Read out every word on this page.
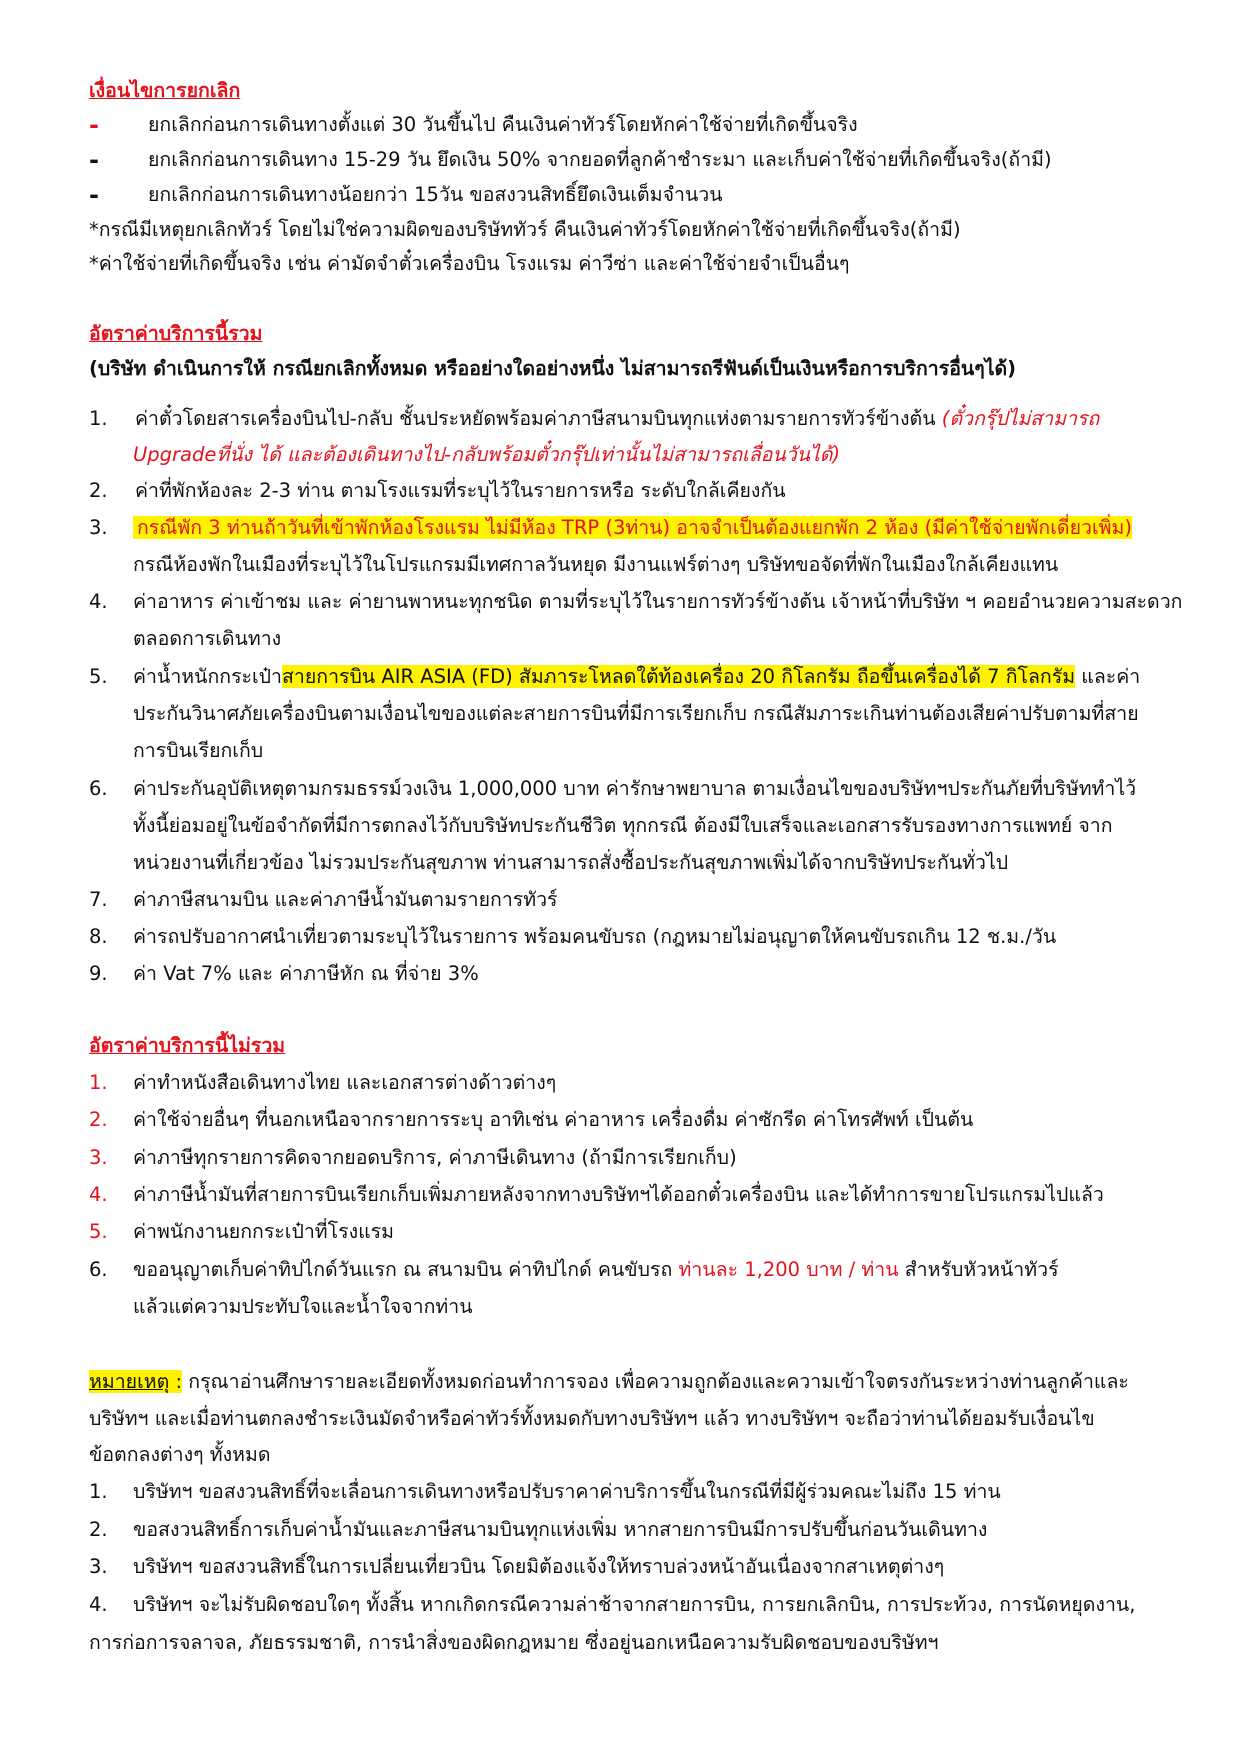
เงื่อนไขการยกเลิก
-	ยกเลิกก่อนการเดินทางตั้งแต่ 30 วันขึ้นไป คืนเงินค่าทัวร์โดยหักค่าใช้จ่ายที่เกิดขึ้นจริง
-	ยกเลิกก่อนการเดินทาง 15-29 วัน ยึดเงิน 50% จากยอดที่ลูกค้าชำระมา และเก็บค่าใช้จ่ายที่เกิดขึ้นจริง(ถ้ามี)
-	ยกเลิกก่อนการเดินทางน้อยกว่า 15วัน ขอสงวนสิทธิ์ยึดเงินเต็มจำนวน
*กรณีมีเหตุยกเลิกทัวร์ โดยไม่ใช่ความผิดของบริษัททัวร์ คืนเงินค่าทัวร์โดยหักค่าใช้จ่ายที่เกิดขึ้นจริง(ถ้ามี)
*ค่าใช้จ่ายที่เกิดขึ้นจริง เช่น ค่ามัดจำตั๋วเครื่องบิน โรงแรม ค่าวีซ่า และค่าใช้จ่ายจำเป็นอื่นๆ
อัตราค่าบริการนี้รวม
(บริษัท ดำเนินการให้ กรณียกเลิกทั้งหมด หรืออย่างใดอย่างหนึ่ง ไม่สามารถรีฟันด์เป็นเงินหรือการบริการอื่นๆได้)
1. ค่าตั๋วโดยสารเครื่องบินไป-กลับ ชั้นประหยัดพร้อมค่าภาษีสนามบินทุกแห่งตามรายการทัวร์ข้างต้น (ตั๋วกรุ๊ปไม่สามารถ
Upgradeที่นั่ง ได้ และต้องเดินทางไป-กลับพร้อมตั๋วกรุ๊ปเท่านั้นไม่สามารถเลื่อนวันได้)
2. ค่าที่พักห้องละ 2-3 ท่าน ตามโรงแรมที่ระบุไว้ในรายการหรือ ระดับใกล้เคียงกัน
3. กรณีพัก 3 ท่านถ้าวันที่เข้าพักห้องโรงแรม ไม่มีห้อง TRP (3ท่าน) อาจจำเป็นต้องแยกพัก 2 ห้อง (มีค่าใช้จ่ายพักเดี่ยวเพิ่ม)
กรณีห้องพักในเมืองที่ระบุไว้ในโปรแกรมมีเทศกาลวันหยุด มีงานแฟร์ต่างๆ บริษัทขอจัดที่พักในเมืองใกล้เคียงแทน
4. ค่าอาหาร ค่าเข้าชม และ ค่ายานพาหนะทุกชนิด ตามที่ระบุไว้ในรายการทัวร์ข้างต้น เจ้าหน้าที่บริษัท ฯ คอยอำนวยความสะดวก
ตลอดการเดินทาง
5. ค่าน้ำหนักกระเป๋าสายการบิน AIR ASIA (FD) สัมภาระโหลดใต้ท้องเครื่อง 20 กิโลกรัม ถือขึ้นเครื่องได้ 7 กิโลกรัม และค่า
ประกันวินาศภัยเครื่องบินตามเงื่อนไขของแต่ละสายการบินที่มีการเรียกเก็บ กรณีสัมภาระเกินท่านต้องเสียค่าปรับตามที่สาย
การบินเรียกเก็บ
6. ค่าประกันอุบัติเหตุตามกรมธรรม์วงเงิน 1,000,000 บาท ค่ารักษาพยาบาล ตามเงื่อนไขของบริษัทฯประกันภัยที่บริษัททำไว้
ทั้งนี้ย่อมอยู่ในข้อจำกัดที่มีการตกลงไว้กับบริษัทประกันชีวิต ทุกกรณี ต้องมีใบเสร็จและเอกสารรับรองทางการแพทย์ จาก
หน่วยงานที่เกี่ยวข้อง ไม่รวมประกันสุขภาพ ท่านสามารถสั่งซื้อประกันสุขภาพเพิ่มได้จากบริษัทประกันทั่วไป
7. ค่าภาษีสนามบิน และค่าภาษีน้ำมันตามรายการทัวร์
8. ค่ารถปรับอากาศนำเที่ยวตามระบุไว้ในรายการ พร้อมคนขับรถ (กฎหมายไม่อนุญาตให้คนขับรถเกิน 12 ช.ม./วัน
9. ค่า Vat 7% และ ค่าภาษีหัก ณ ที่จ่าย 3%
อัตราค่าบริการนี้ไม่รวม
1. ค่าทำหนังสือเดินทางไทย และเอกสารต่างด้าวต่างๆ
2. ค่าใช้จ่ายอื่นๆ ที่นอกเหนือจากรายการระบุ อาทิเช่น ค่าอาหาร เครื่องดื่ม ค่าซักรีด ค่าโทรศัพท์ เป็นต้น
3. ค่าภาษีทุกรายการคิดจากยอดบริการ, ค่าภาษีเดินทาง (ถ้ามีการเรียกเก็บ)
4. ค่าภาษีน้ำมันที่สายการบินเรียกเก็บเพิ่มภายหลังจากทางบริษัทฯได้ออกตั๋วเครื่องบิน และได้ทำการขายโปรแกรมไปแล้ว
5. ค่าพนักงานยกกระเป๋าที่โรงแรม
6. ขออนุญาตเก็บค่าทิปไกด์วันแรก ณ สนามบิน ค่าทิปไกด์ คนขับรถ ท่านละ 1,200 บาท / ท่าน สำหรับหัวหน้าทัวร์
แล้วแต่ความประทับใจและน้ำใจจากท่าน
หมายเหตุ : กรุณาอ่านศึกษารายละเอียดทั้งหมดก่อนทำการจอง เพื่อความถูกต้องและความเข้าใจตรงกันระหว่างท่านลูกค้าและ
บริษัทฯ และเมื่อท่านตกลงชำระเงินมัดจำหรือค่าทัวร์ทั้งหมดกับทางบริษัทฯ แล้ว ทางบริษัทฯ จะถือว่าท่านได้ยอมรับเงื่อนไข
ข้อตกลงต่างๆ ทั้งหมด
1. บริษัทฯ ขอสงวนสิทธิ์ที่จะเลื่อนการเดินทางหรือปรับราคาค่าบริการขึ้นในกรณีที่มีผู้ร่วมคณะไม่ถึง 15 ท่าน
2. ขอสงวนสิทธิ์การเก็บค่าน้ำมันและภาษีสนามบินทุกแห่งเพิ่ม หากสายการบินมีการปรับขึ้นก่อนวันเดินทาง
3. บริษัทฯ ขอสงวนสิทธิ์ในการเปลี่ยนเที่ยวบิน โดยมิต้องแจ้งให้ทราบล่วงหน้าอันเนื่องจากสาเหตุต่างๆ
4. บริษัทฯ จะไม่รับผิดชอบใดๆ ทั้งสิ้น หากเกิดกรณีความล่าช้าจากสายการบิน, การยกเลิกบิน, การประท้วง, การนัดหยุดงาน,
การก่อการจลาจล, ภัยธรรมชาติ, การนำสิ่งของผิดกฎหมาย ซึ่งอยู่นอกเหนือความรับผิดชอบของบริษัทฯ
